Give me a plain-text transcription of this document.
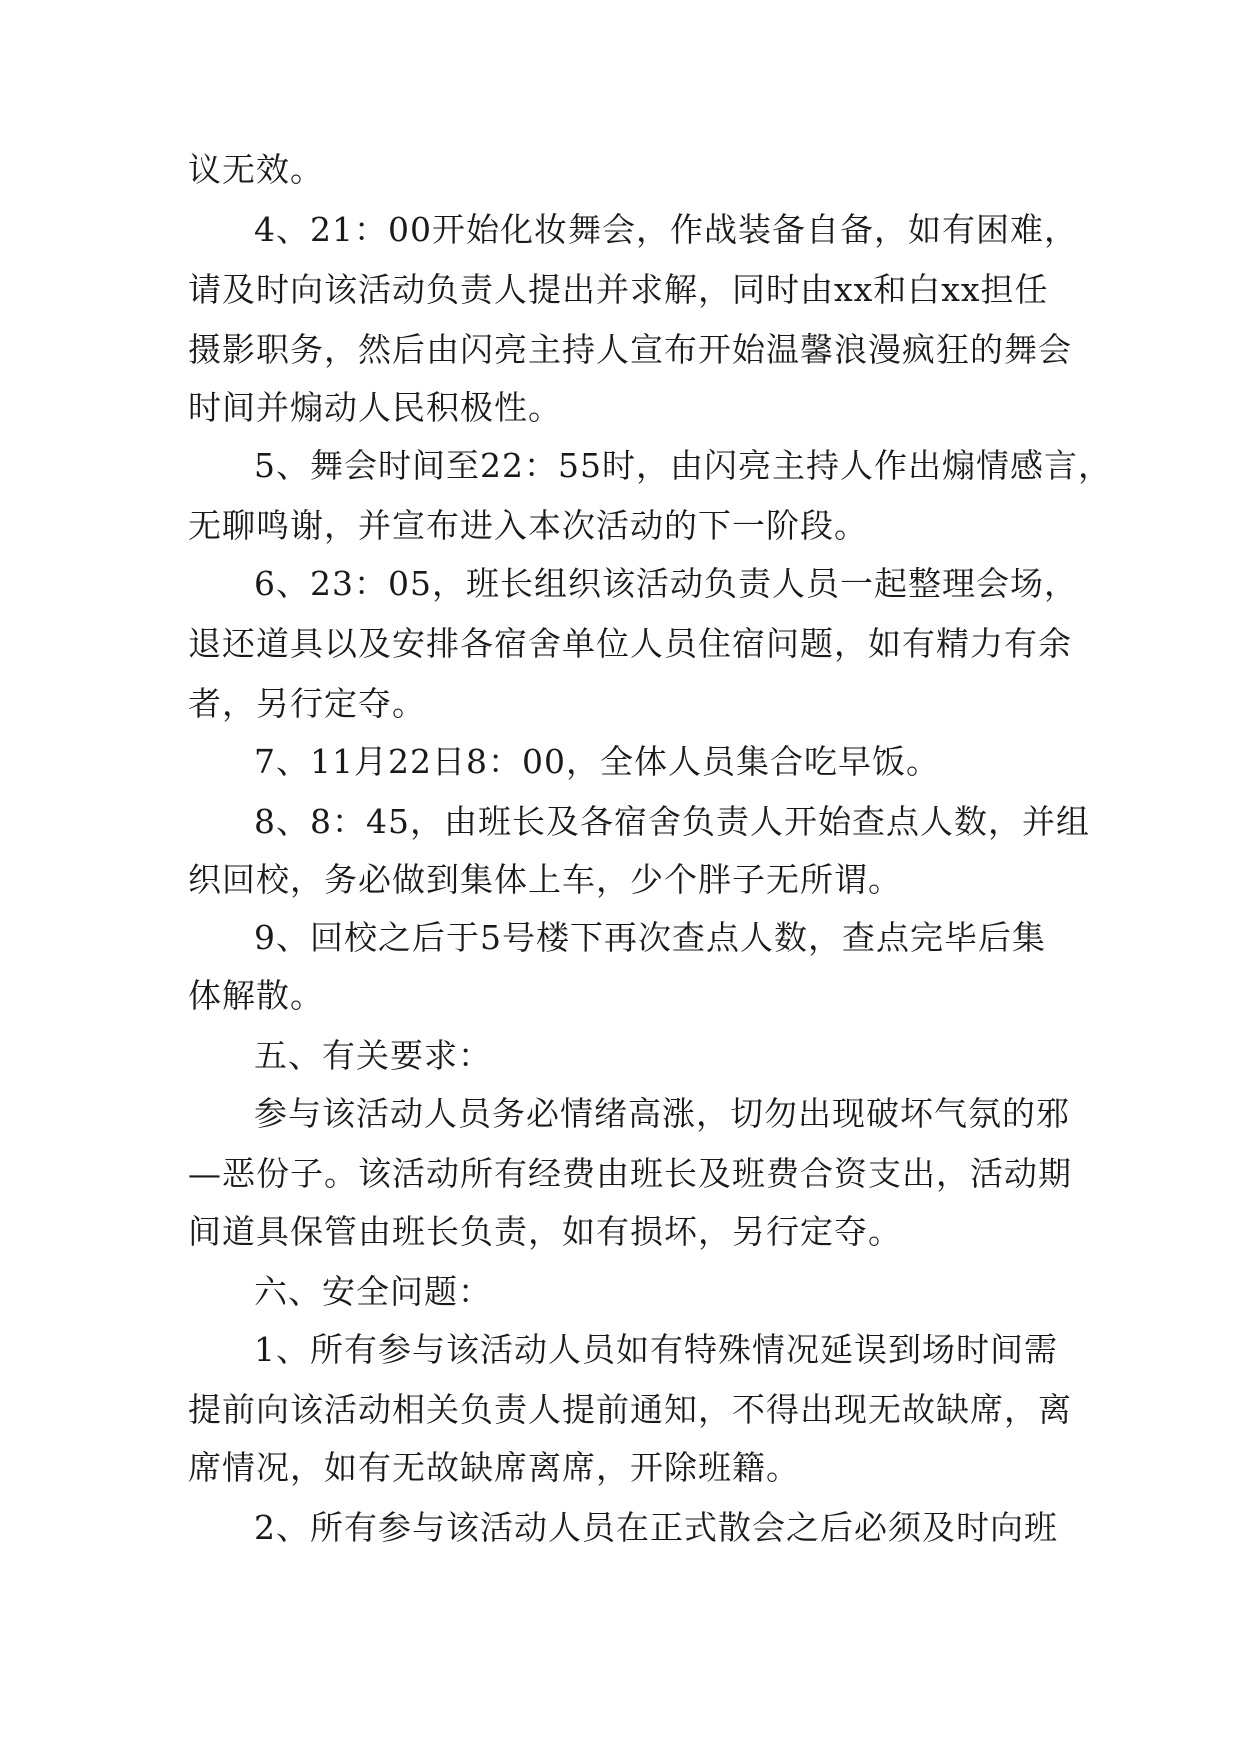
议无效。
4、21：00开始化妆舞会，作战装备自备，如有困难，
请及时向该活动负责人提出并求解，同时由xx和白xx担任
摄影职务，然后由闪亮主持人宣布开始温馨浪漫疯狂的舞会
时间并煽动人民积极性。
5、舞会时间至22：55时，由闪亮主持人作出煽情感言，
无聊鸣谢，并宣布进入本次活动的下一阶段。
6、23：05，班长组织该活动负责人员一起整理会场，
退还道具以及安排各宿舍单位人员住宿问题，如有精力有余
者，另行定夺。
7、11月22日8：00，全体人员集合吃早饭。
8、8：45，由班长及各宿舍负责人开始查点人数，并组
织回校，务必做到集体上车，少个胖子无所谓。
9、回校之后于5号楼下再次查点人数，查点完毕后集
体解散。
五、有关要求：
参与该活动人员务必情绪高涨，切勿出现破坏气氛的邪
—恶份子。该活动所有经费由班长及班费合资支出，活动期
间道具保管由班长负责，如有损坏，另行定夺。
六、安全问题：
1、所有参与该活动人员如有特殊情况延误到场时间需
提前向该活动相关负责人提前通知，不得出现无故缺席，离
席情况，如有无故缺席离席，开除班籍。
2、所有参与该活动人员在正式散会之后必须及时向班
